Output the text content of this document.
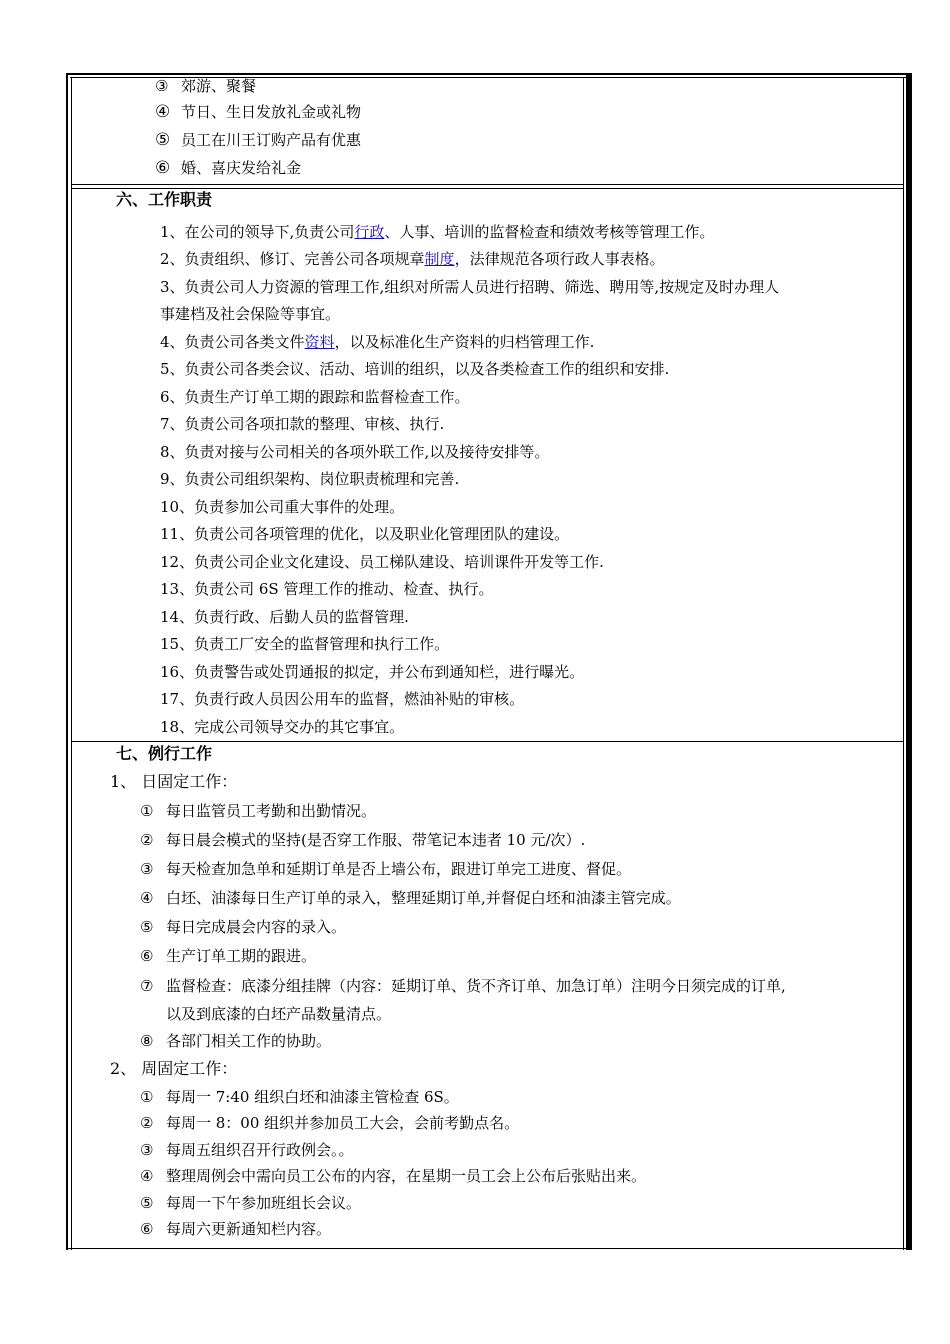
③ 郊游、聚餐
④ 节日、生日发放礼金或礼物
⑤ 员工在川王订购产品有优惠
⑥ 婚、喜庆发给礼金
六、工作职责
1、在公司的领导下,负责公司行政、人事、培训的监督检查和绩效考核等管理工作。
2、负责组织、修订、完善公司各项规章制度，法律规范各项行政人事表格。
3、负责公司人力资源的管理工作,组织对所需人员进行招聘、筛选、聘用等,按规定及时办理人
事建档及社会保险等事宜。
4、负责公司各类文件资料，以及标准化生产资料的归档管理工作.
5、负责公司各类会议、活动、培训的组织，以及各类检查工作的组织和安排.
6、负责生产订单工期的跟踪和监督检查工作。
7、负责公司各项扣款的整理、审核、执行.
8、负责对接与公司相关的各项外联工作,以及接待安排等。
9、负责公司组织架构、岗位职责梳理和完善.
10、负责参加公司重大事件的处理。
11、负责公司各项管理的优化，以及职业化管理团队的建设。
12、负责公司企业文化建设、员工梯队建设、培训课件开发等工作.
13、负责公司 6S 管理工作的推动、检查、执行。
14、负责行政、后勤人员的监督管理.
15、负责工厂安全的监督管理和执行工作。
16、负责警告或处罚通报的拟定，并公布到通知栏，进行曝光。
17、负责行政人员因公用车的监督，燃油补贴的审核。
18、完成公司领导交办的其它事宜。
七、例行工作
1、 日固定工作：
① 每日监管员工考勤和出勤情况。
② 每日晨会模式的坚持(是否穿工作服、带笔记本违者 10 元/次）.
③ 每天检查加急单和延期订单是否上墙公布，跟进订单完工进度、督促。
④ 白坯、油漆每日生产订单的录入，整理延期订单,并督促白坯和油漆主管完成。
⑤ 每日完成晨会内容的录入。
⑥ 生产订单工期的跟进。
⑦ 监督检查：底漆分组挂牌（内容：延期订单、货不齐订单、加急订单）注明今日须完成的订单,
以及到底漆的白坯产品数量清点。
⑧ 各部门相关工作的协助。
2、 周固定工作：
① 每周一 7:40 组织白坯和油漆主管检查 6S。
② 每周一 8：00 组织并参加员工大会，会前考勤点名。
③ 每周五组织召开行政例会。。
④ 整理周例会中需向员工公布的内容，在星期一员工会上公布后张贴出来。
⑤ 每周一下午参加班组长会议。
⑥ 每周六更新通知栏内容。
